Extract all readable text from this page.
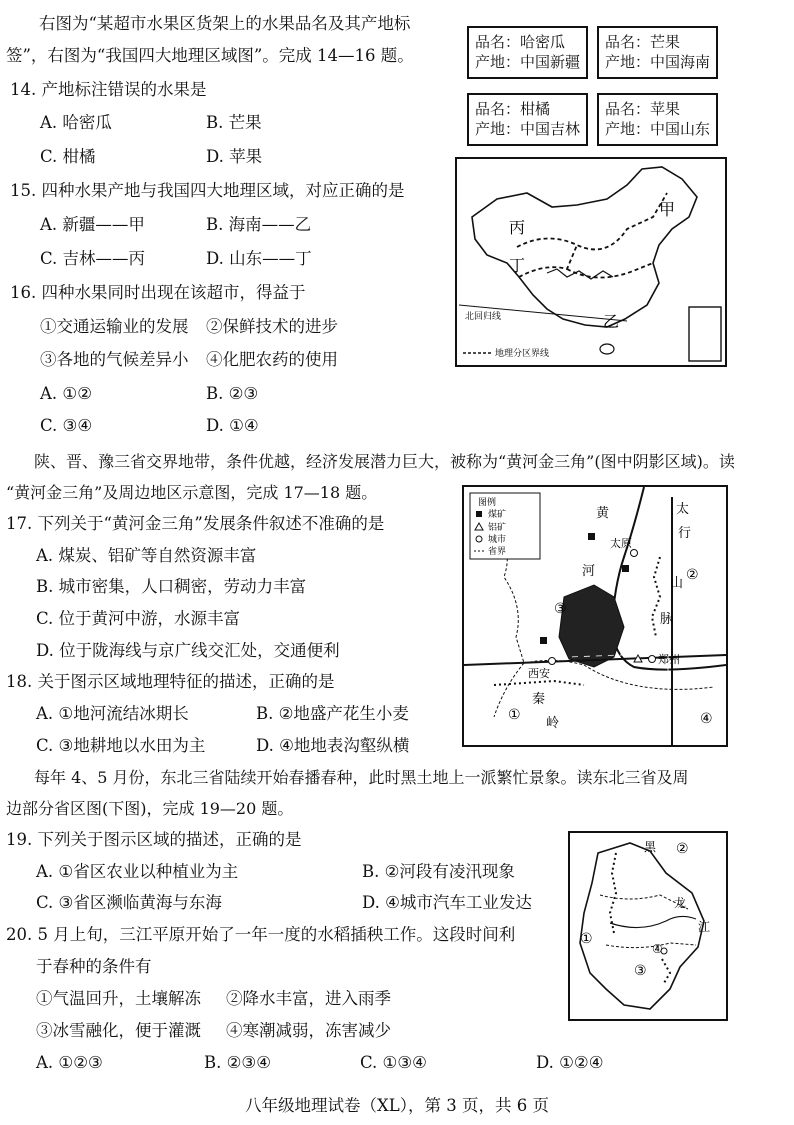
右图为“某超市水果区货架上的水果品名及其产地标
签”，右图为“我国四大地理区域图”。完成 14—16 题。
品名：哈密瓜
产地：中国新疆
品名：芒果
产地：中国海南
品名：柑橘
产地：中国吉林
品名：苹果
产地：中国山东
甲
乙
丙
丁
北回归线
地理分区界线
14. 产地标注错误的水果是
A. 哈密瓜	B. 芒果
C. 柑橘	D. 苹果
15. 四种水果产地与我国四大地理区域，对应正确的是
A. 新疆——甲	B. 海南——乙
C. 吉林——丙	D. 山东——丁
16. 四种水果同时出现在该超市，得益于
①交通运输业的发展 ②保鲜技术的进步
③各地的气候差异小 ④化肥农药的使用
A. ①②	B. ②③
C. ③④	D. ①④
陕、晋、豫三省交界地带，条件优越，经济发展潜力巨大，被称为“黄河金三角”(图中阴影区域)。读
“黄河金三角”及周边地区示意图，完成 17—18 题。
图例
煤矿
铝矿
城市
省界
黄
河
太
行
山
脉
太原
西安
郑州
秦
岭
①
②
③
④
17. 下列关于“黄河金三角”发展条件叙述不准确的是
A. 煤炭、铝矿等自然资源丰富
B. 城市密集，人口稠密，劳动力丰富
C. 位于黄河中游，水源丰富
D. 位于陇海线与京广线交汇处，交通便利
18. 关于图示区域地理特征的描述，正确的是
A. ①地河流结冰期长	B. ②地盛产花生小麦
C. ③地耕地以水田为主	D. ④地地表沟壑纵横
每年 4、5 月份，东北三省陆续开始春播春种，此时黑土地上一派繁忙景象。读东北三省及周
边部分省区图(下图)，完成 19—20 题。
黑
龙
江
①
②
③
④
19. 下列关于图示区域的描述，正确的是
A. ①省区农业以种植业为主	B. ②河段有凌汛现象
C. ③省区濒临黄海与东海	D. ④城市汽车工业发达
20. 5 月上旬，三江平原开始了一年一度的水稻插秧工作。这段时间利
于春种的条件有
①气温回升，土壤解冻 ②降水丰富，进入雨季
③冰雪融化，便于灌溉 ④寒潮减弱，冻害减少
A. ①②③	B. ②③④	C. ①③④	D. ①②④
八年级地理试卷（XL），第 3 页，共 6 页
